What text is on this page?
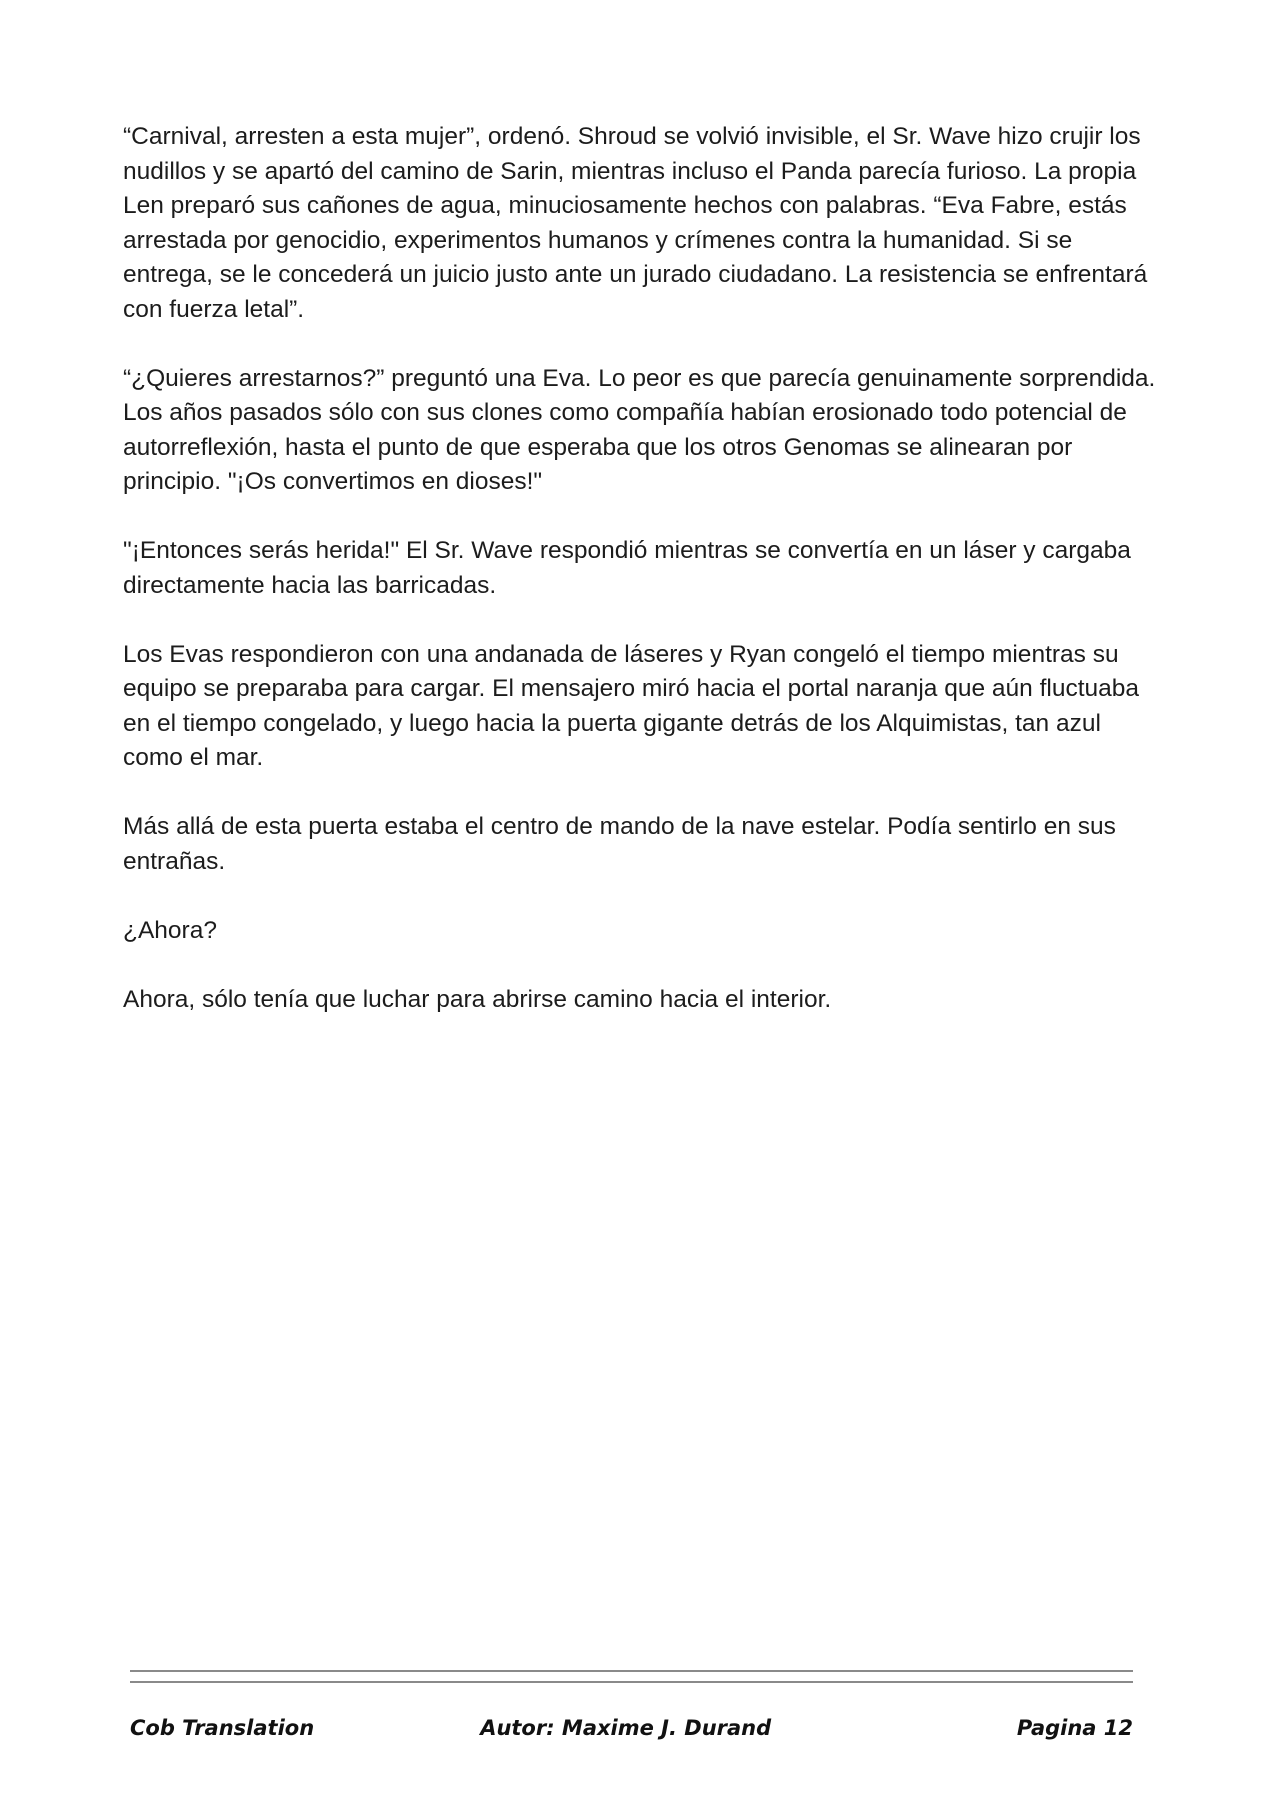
“Carnival, arresten a esta mujer”, ordenó. Shroud se volvió invisible, el Sr. Wave hizo crujir los nudillos y se apartó del camino de Sarin, mientras incluso el Panda parecía furioso. La propia Len preparó sus cañones de agua, minuciosamente hechos con palabras. “Eva Fabre, estás arrestada por genocidio, experimentos humanos y crímenes contra la humanidad. Si se entrega, se le concederá un juicio justo ante un jurado ciudadano. La resistencia se enfrentará con fuerza letal”.

“¿Quieres arrestarnos?” preguntó una Eva. Lo peor es que parecía genuinamente sorprendida. Los años pasados sólo con sus clones como compañía habían erosionado todo potencial de autorreflexión, hasta el punto de que esperaba que los otros Genomas se alinearan por principio. "¡Os convertimos en dioses!"

"¡Entonces serás herida!" El Sr. Wave respondió mientras se convertía en un láser y cargaba directamente hacia las barricadas.

Los Evas respondieron con una andanada de láseres y Ryan congeló el tiempo mientras su equipo se preparaba para cargar. El mensajero miró hacia el portal naranja que aún fluctuaba en el tiempo congelado, y luego hacia la puerta gigante detrás de los Alquimistas, tan azul como el mar.

Más allá de esta puerta estaba el centro de mando de la nave estelar. Podía sentirlo en sus entrañas.

¿Ahora?

Ahora, sólo tenía que luchar para abrirse camino hacia el interior.

Cob Translation	Autor: Maxime J. Durand	Pagina 12
